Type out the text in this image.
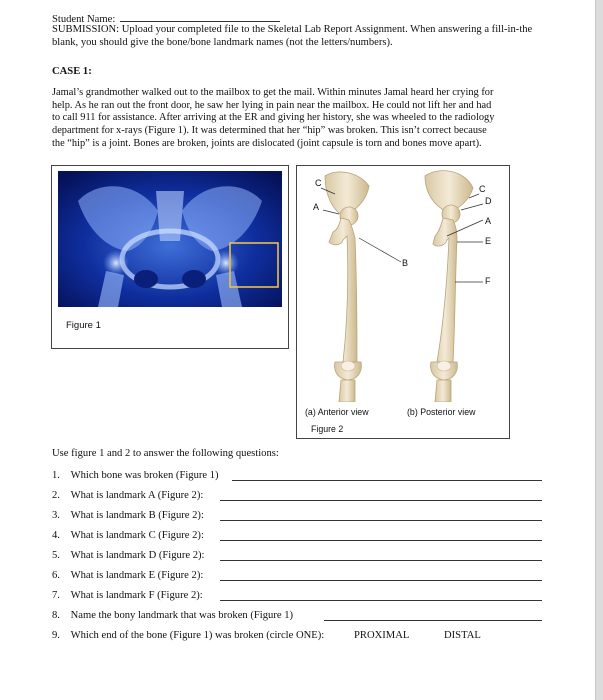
Student Name:
SUBMISSION: Upload your completed file to the Skeletal Lab Report Assignment. When answering a fill-in-the
blank, you should give the bone/bone landmark names (not the letters/numbers).
CASE 1:
Jamal’s grandmother walked out to the mailbox to get the mail. Within minutes Jamal heard her crying for
help. As he ran out the front door, he saw her lying in pain near the mailbox. He could not lift her and had
to call 911 for assistance. After arriving at the ER and giving her history, she was wheeled to the radiology
department for x-rays (Figure 1). It was determined that her “hip” was broken. This isn’t correct because
the “hip” is a joint. Bones are broken, joints are dislocated (joint capsule is torn and bones move apart).
Figure 1
C
A
B
C
D
A
E
F
(a) Anterior view	(b) Posterior view
Figure 2
Use figure 1 and 2 to answer the following questions:
1. Which bone was broken (Figure 1)
2. What is landmark A (Figure 2):
3. What is landmark B (Figure 2):
4. What is landmark C (Figure 2):
5. What is landmark D (Figure 2):
6. What is landmark E (Figure 2):
7. What is landmark F (Figure 2):
8. Name the bony landmark that was broken (Figure 1)
9. Which end of the bone (Figure 1) was broken (circle ONE):	PROXIMAL	DISTAL
